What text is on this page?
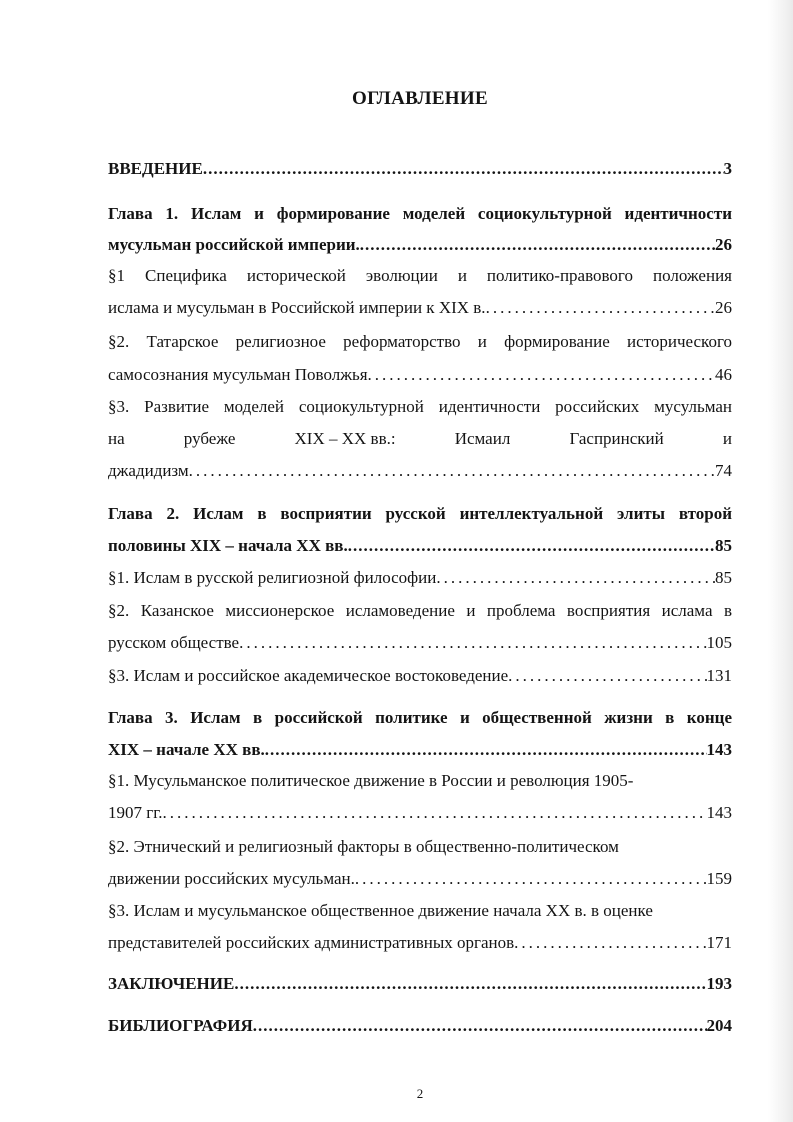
ОГЛАВЛЕНИЕ
ВВЕДЕНИЕ .....	3
Глава 1. Ислам и формирование моделей социокультурной идентичности
мусульман российской империи. .....	26
§1 Специфика исторической эволюции и политико-правового положения
ислама и мусульман в Российской империи к XIX в. .....	26
§2. Татарское религиозное реформаторство и формирование исторического
самосознания мусульман Поволжья .....	46
§3. Развитие моделей социокультурной идентичности российских мусульман
на	рубеже	XIX – XX вв.:	Исмаил	Гаспринский	и
джадидизм .....	74
Глава 2. Ислам в восприятии русской интеллектуальной элиты второй
половины XIX – начала XX вв. .....	85
§1. Ислам в русской религиозной философии .....	85
§2. Казанское миссионерское исламоведение и проблема восприятия ислама в
русском обществе .....	105
§3. Ислам и российское академическое востоковедение .....	131
Глава 3. Ислам в российской политике и общественной жизни в конце
XIX – начале XX вв. .....	143
§1. Мусульманское политическое движение в России и революция 1905-
1907 гг. .....	143
§2. Этнический и религиозный факторы в общественно-политическом
движении российских мусульман. .....	159
§3. Ислам и мусульманское общественное движение начала XX в. в оценке
представителей российских административных органов .....	171
ЗАКЛЮЧЕНИЕ .....	193
БИБЛИОГРАФИЯ .....	204
2
